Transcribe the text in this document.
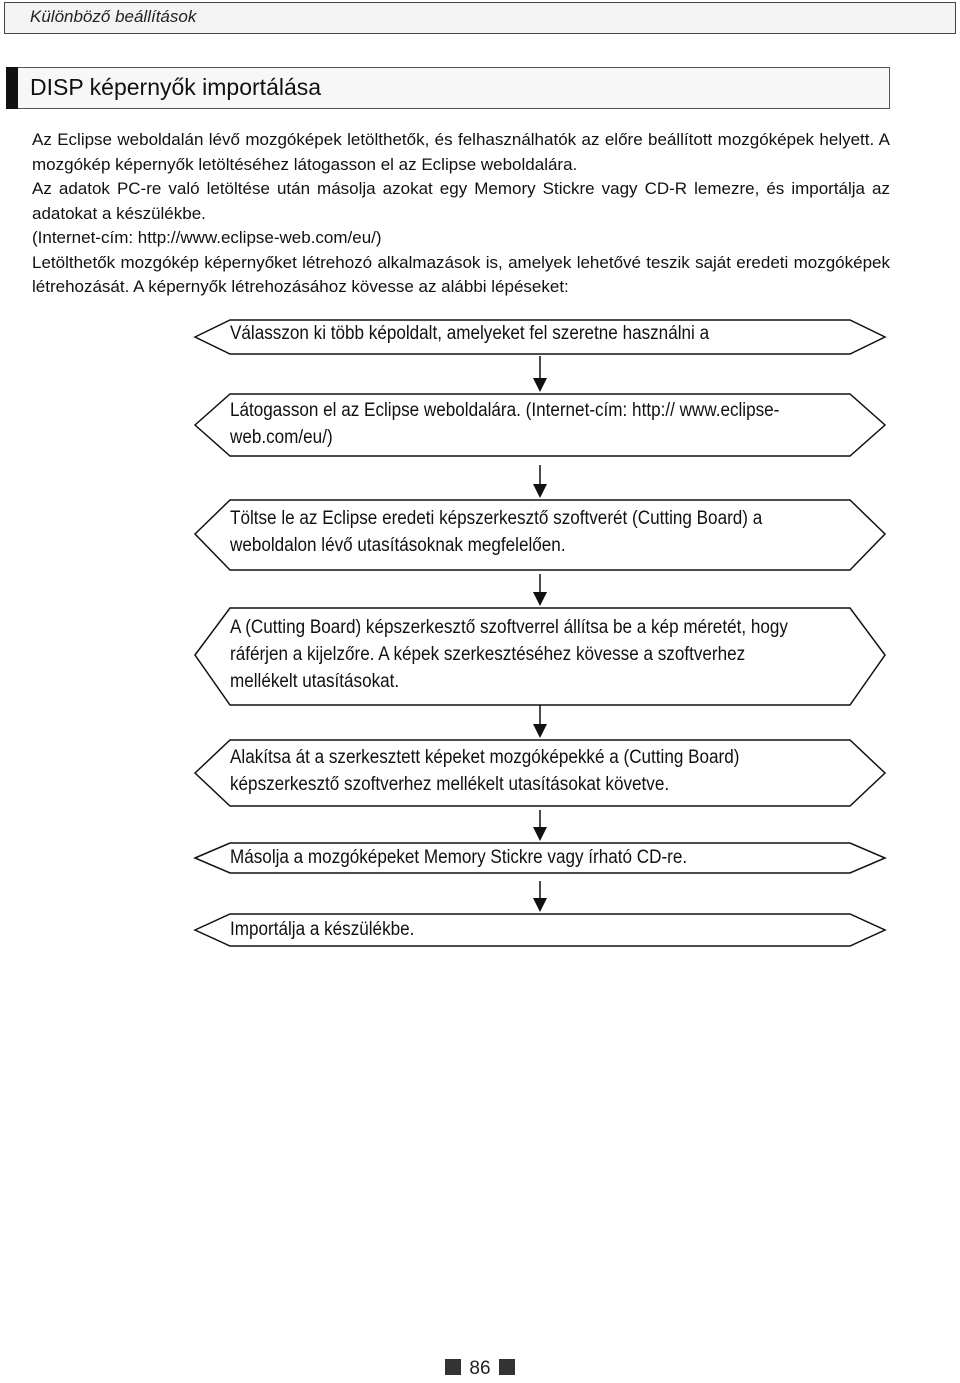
Különböző beállítások
DISP képernyők importálása

Az Eclipse weboldalán lévő mozgóképek letölthetők, és felhasználhatók az előre beállított mozgóképek helyett. A mozgókép képernyők letöltéséhez látogasson el az Eclipse weboldalára.

Az adatok PC-re való letöltése után másolja azokat egy Memory Stickre vagy CD-R lemezre, és importálja az adatokat a készülékbe.

(Internet-cím: http://www.eclipse-web.com/eu/)

Letölthetők mozgókép képernyőket létrehozó alkalmazások is, amelyek lehetővé teszik saját eredeti mozgóképek létrehozását. A képernyők létrehozásához kövesse az alábbi lépéseket:

Válasszon ki több képoldalt, amelyeket fel szeretne használni a
Látogasson el az Eclipse weboldalára. (Internet-cím: http:// www.eclipse-web.com/eu/)
Töltse le az Eclipse eredeti képszerkesztő szoftverét (Cutting Board) a weboldalon lévő utasításoknak megfelelően.
A (Cutting Board) képszerkesztő szoftverrel állítsa be a kép méretét, hogy ráférjen a kijelzőre. A képek szerkesztéséhez kövesse a szoftverhez mellékelt utasításokat.
Alakítsa át a szerkesztett képeket mozgóképekké a (Cutting Board) képszerkesztő szoftverhez mellékelt utasításokat követve.
Másolja a mozgóképeket Memory Stickre vagy írható CD-re.
Importálja a készülékbe.
86
